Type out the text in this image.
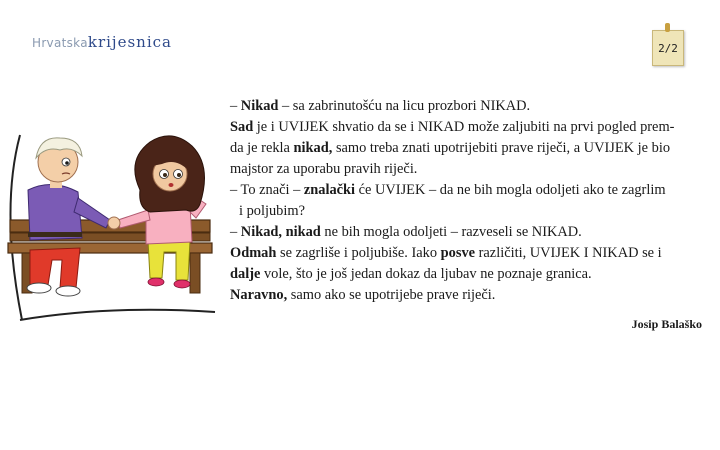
Hrvatskakrijesnica	2/2

– Nikad – sa zabrinutošću na licu prozbori NIKAD.

Sad je i UVIJEK shvatio da se i NIKAD može zaljubiti na prvi pogled prem-

da je rekla nikad, samo treba znati upotrijebiti prave riječi, a UVIJEK je bio

majstor za uporabu pravih riječi.

– To znači – znalački će UVIJEK – da ne bih mogla odoljeti ako te zagrlim

i poljubim?

– Nikad, nikad ne bih mogla odoljeti – razveseli se NIKAD.

Odmah se zagrliše i poljubiše. Iako posve različiti, UVIJEK I NIKAD se i

dalje vole, što je još jedan dokaz da ljubav ne poznaje granica.

Naravno, samo ako se upotrijebe prave riječi.

Josip Balaško
